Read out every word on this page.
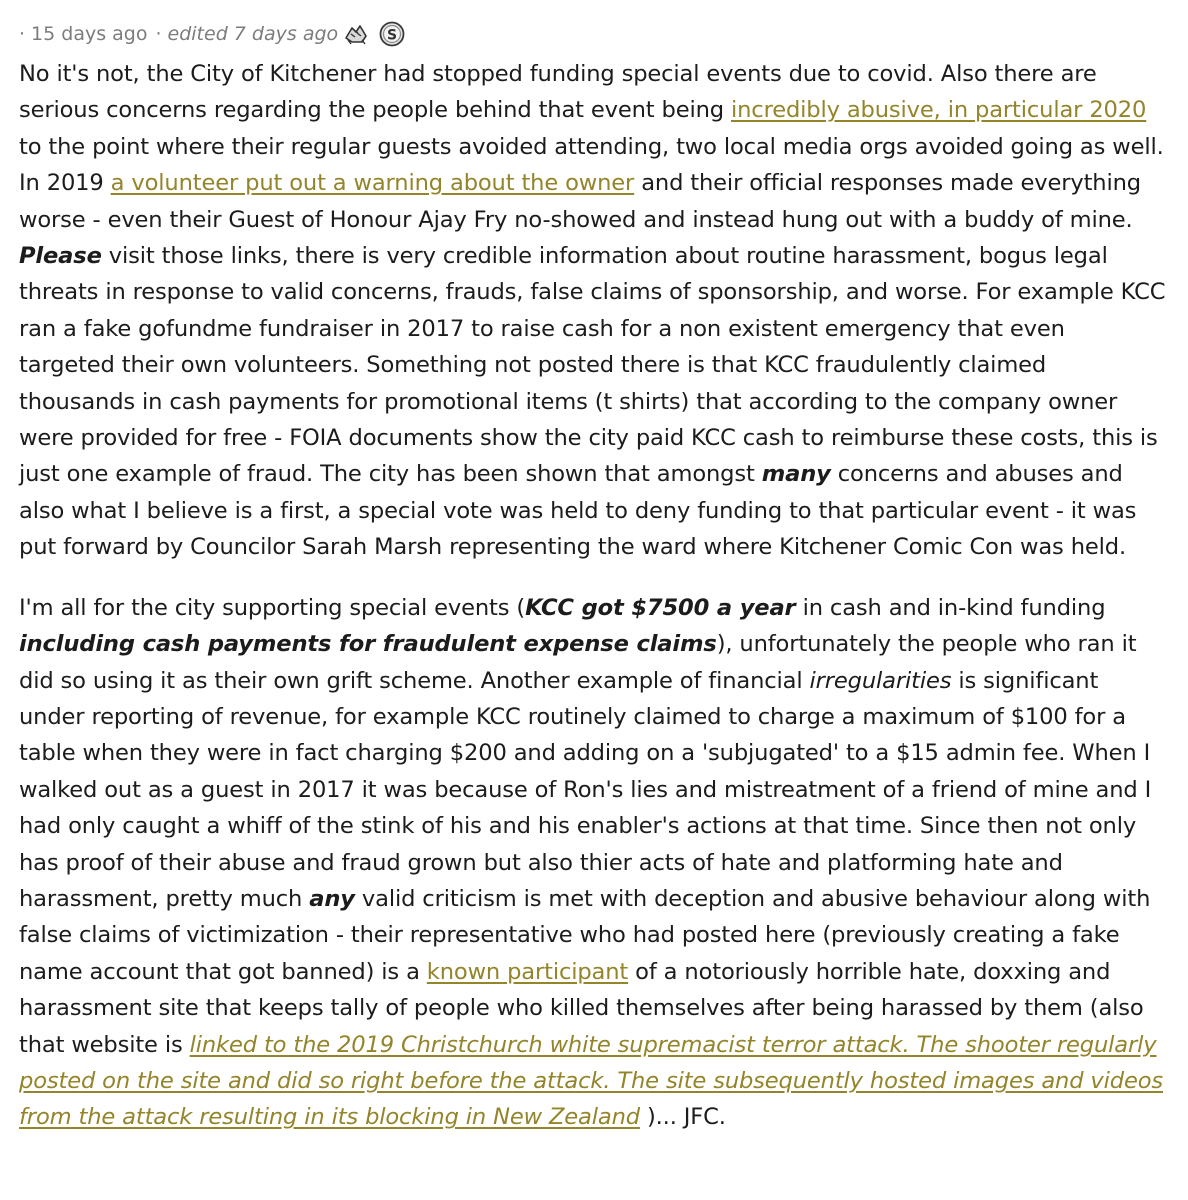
· 15 days ago · edited 7 days ago	S

No it's not, the City of Kitchener had stopped funding special events due to covid. Also there are serious concerns regarding the people behind that event being incredibly abusive, in particular 2020 to the point where their regular guests avoided attending, two local media orgs avoided going as well. In 2019 a volunteer put out a warning about the owner and their official responses made everything worse - even their Guest of Honour Ajay Fry no-showed and instead hung out with a buddy of mine. Please visit those links, there is very credible information about routine harassment, bogus legal threats in response to valid concerns, frauds, false claims of sponsorship, and worse. For example KCC ran a fake gofundme fundraiser in 2017 to raise cash for a non existent emergency that even targeted their own volunteers. Something not posted there is that KCC fraudulently claimed thousands in cash payments for promotional items (t shirts) that according to the company owner were provided for free - FOIA documents show the city paid KCC cash to reimburse these costs, this is just one example of fraud. The city has been shown that amongst many concerns and abuses and also what I believe is a first, a special vote was held to deny funding to that particular event - it was put forward by Councilor Sarah Marsh representing the ward where Kitchener Comic Con was held.

I'm all for the city supporting special events (KCC got $7500 a year in cash and in-kind funding including cash payments for fraudulent expense claims), unfortunately the people who ran it did so using it as their own grift scheme. Another example of financial irregularities is significant under reporting of revenue, for example KCC routinely claimed to charge a maximum of $100 for a table when they were in fact charging $200 and adding on a 'subjugated' to a $15 admin fee. When I walked out as a guest in 2017 it was because of Ron's lies and mistreatment of a friend of mine and I had only caught a whiff of the stink of his and his enabler's actions at that time. Since then not only has proof of their abuse and fraud grown but also thier acts of hate and platforming hate and harassment, pretty much any valid criticism is met with deception and abusive behaviour along with false claims of victimization - their representative who had posted here (previously creating a fake name account that got banned) is a known participant of a notoriously horrible hate, doxxing and harassment site that keeps tally of people who killed themselves after being harassed by them (also that website is linked to the 2019 Christchurch white supremacist terror attack. The shooter regularly posted on the site and did so right before the attack. The site subsequently hosted images and videos from the attack resulting in its blocking in New Zealand )... JFC.
